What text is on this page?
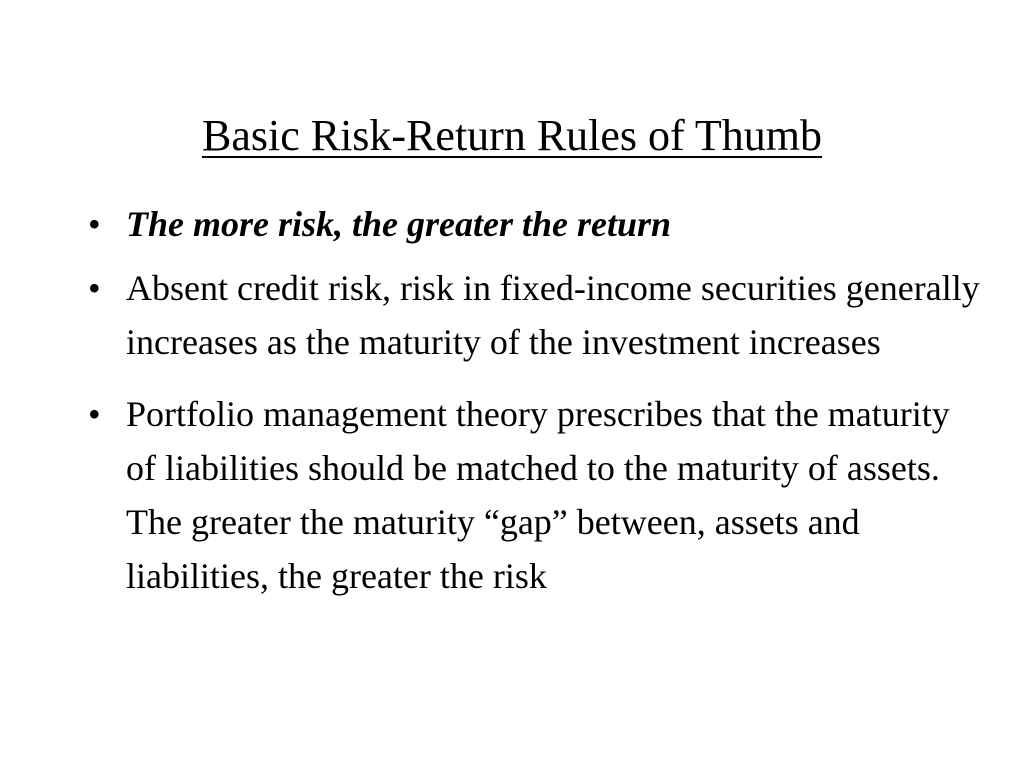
Basic Risk-Return Rules of Thumb
• The more risk, the greater the return
• Absent credit risk, risk in fixed-income securities generally increases as the maturity of the investment increases
• Portfolio management theory prescribes that the maturity of liabilities should be matched to the maturity of assets. The greater the maturity “gap” between, assets and liabilities, the greater the risk
